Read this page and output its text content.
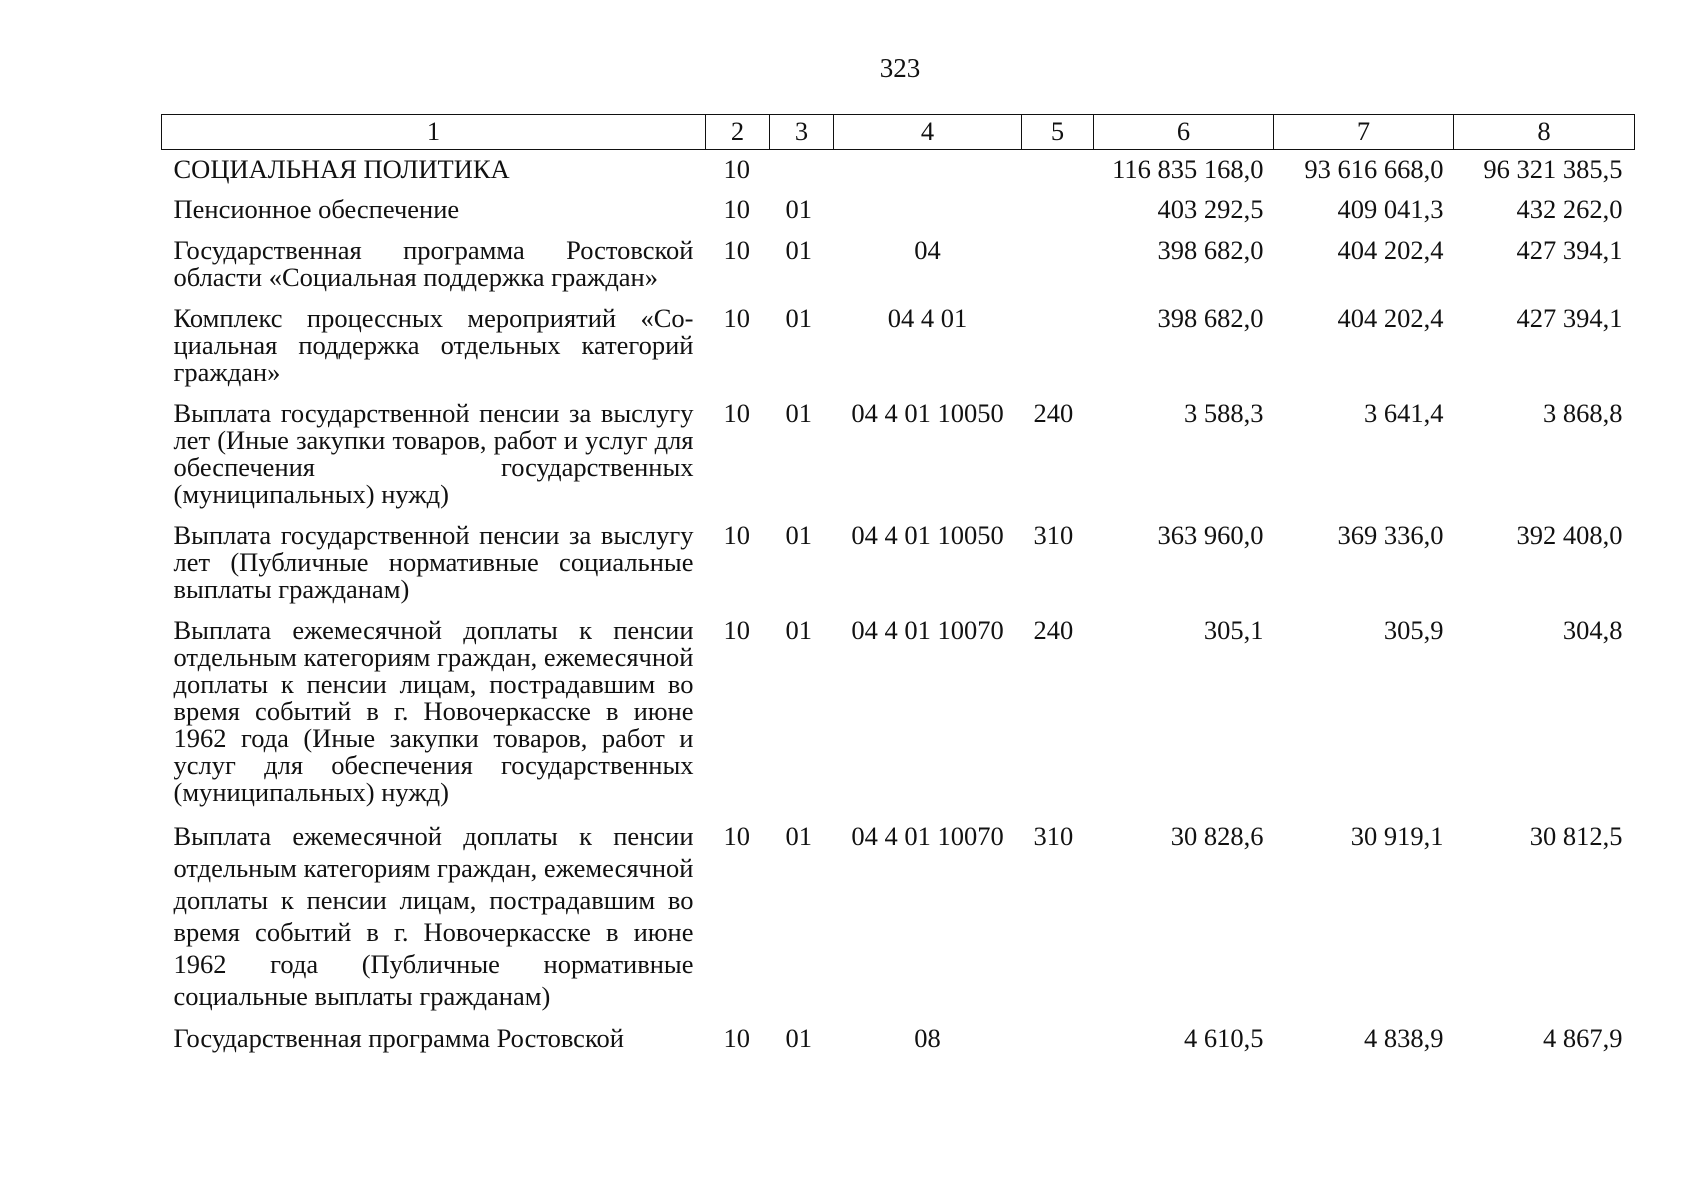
323
1	2	3	4	5	6	7	8
СОЦИАЛЬНАЯ ПОЛИТИКА	10				116 835 168,0	93 616 668,0	96 321 385,5
Пенсионное обеспечение	10	01			403 292,5	409 041,3	432 262,0
Государственная программа Ростовской области «Социальная поддержка граждан»	10	01	04		398 682,0	404 202,4	427 394,1
Комплекс процессных мероприятий «Социальная поддержка отдельных категорий граждан»	10	01	04 4 01		398 682,0	404 202,4	427 394,1
Выплата государственной пенсии за выслугу лет (Иные закупки товаров, работ и услуг для обеспечения государственных (муниципальных) нужд)	10	01	04 4 01 10050	240	3 588,3	3 641,4	3 868,8
Выплата государственной пенсии за выслугу лет (Публичные нормативные социальные выплаты гражданам)	10	01	04 4 01 10050	310	363 960,0	369 336,0	392 408,0
Выплата ежемесячной доплаты к пенсии отдельным категориям граждан, ежемесячной доплаты к пенсии лицам, пострадавшим во время событий в г. Новочеркасске в июне 1962 года (Иные закупки товаров, работ и услуг для обеспечения государственных (муниципальных) нужд)	10	01	04 4 01 10070	240	305,1	305,9	304,8
Выплата ежемесячной доплаты к пенсии отдельным категориям граждан, ежемесячной доплаты к пенсии лицам, пострадавшим во время событий в г. Новочеркасске в июне 1962 года (Публичные нормативные социальные выплаты гражданам)	10	01	04 4 01 10070	310	30 828,6	30 919,1	30 812,5
Государственная программа Ростовской	10	01	08		4 610,5	4 838,9	4 867,9
